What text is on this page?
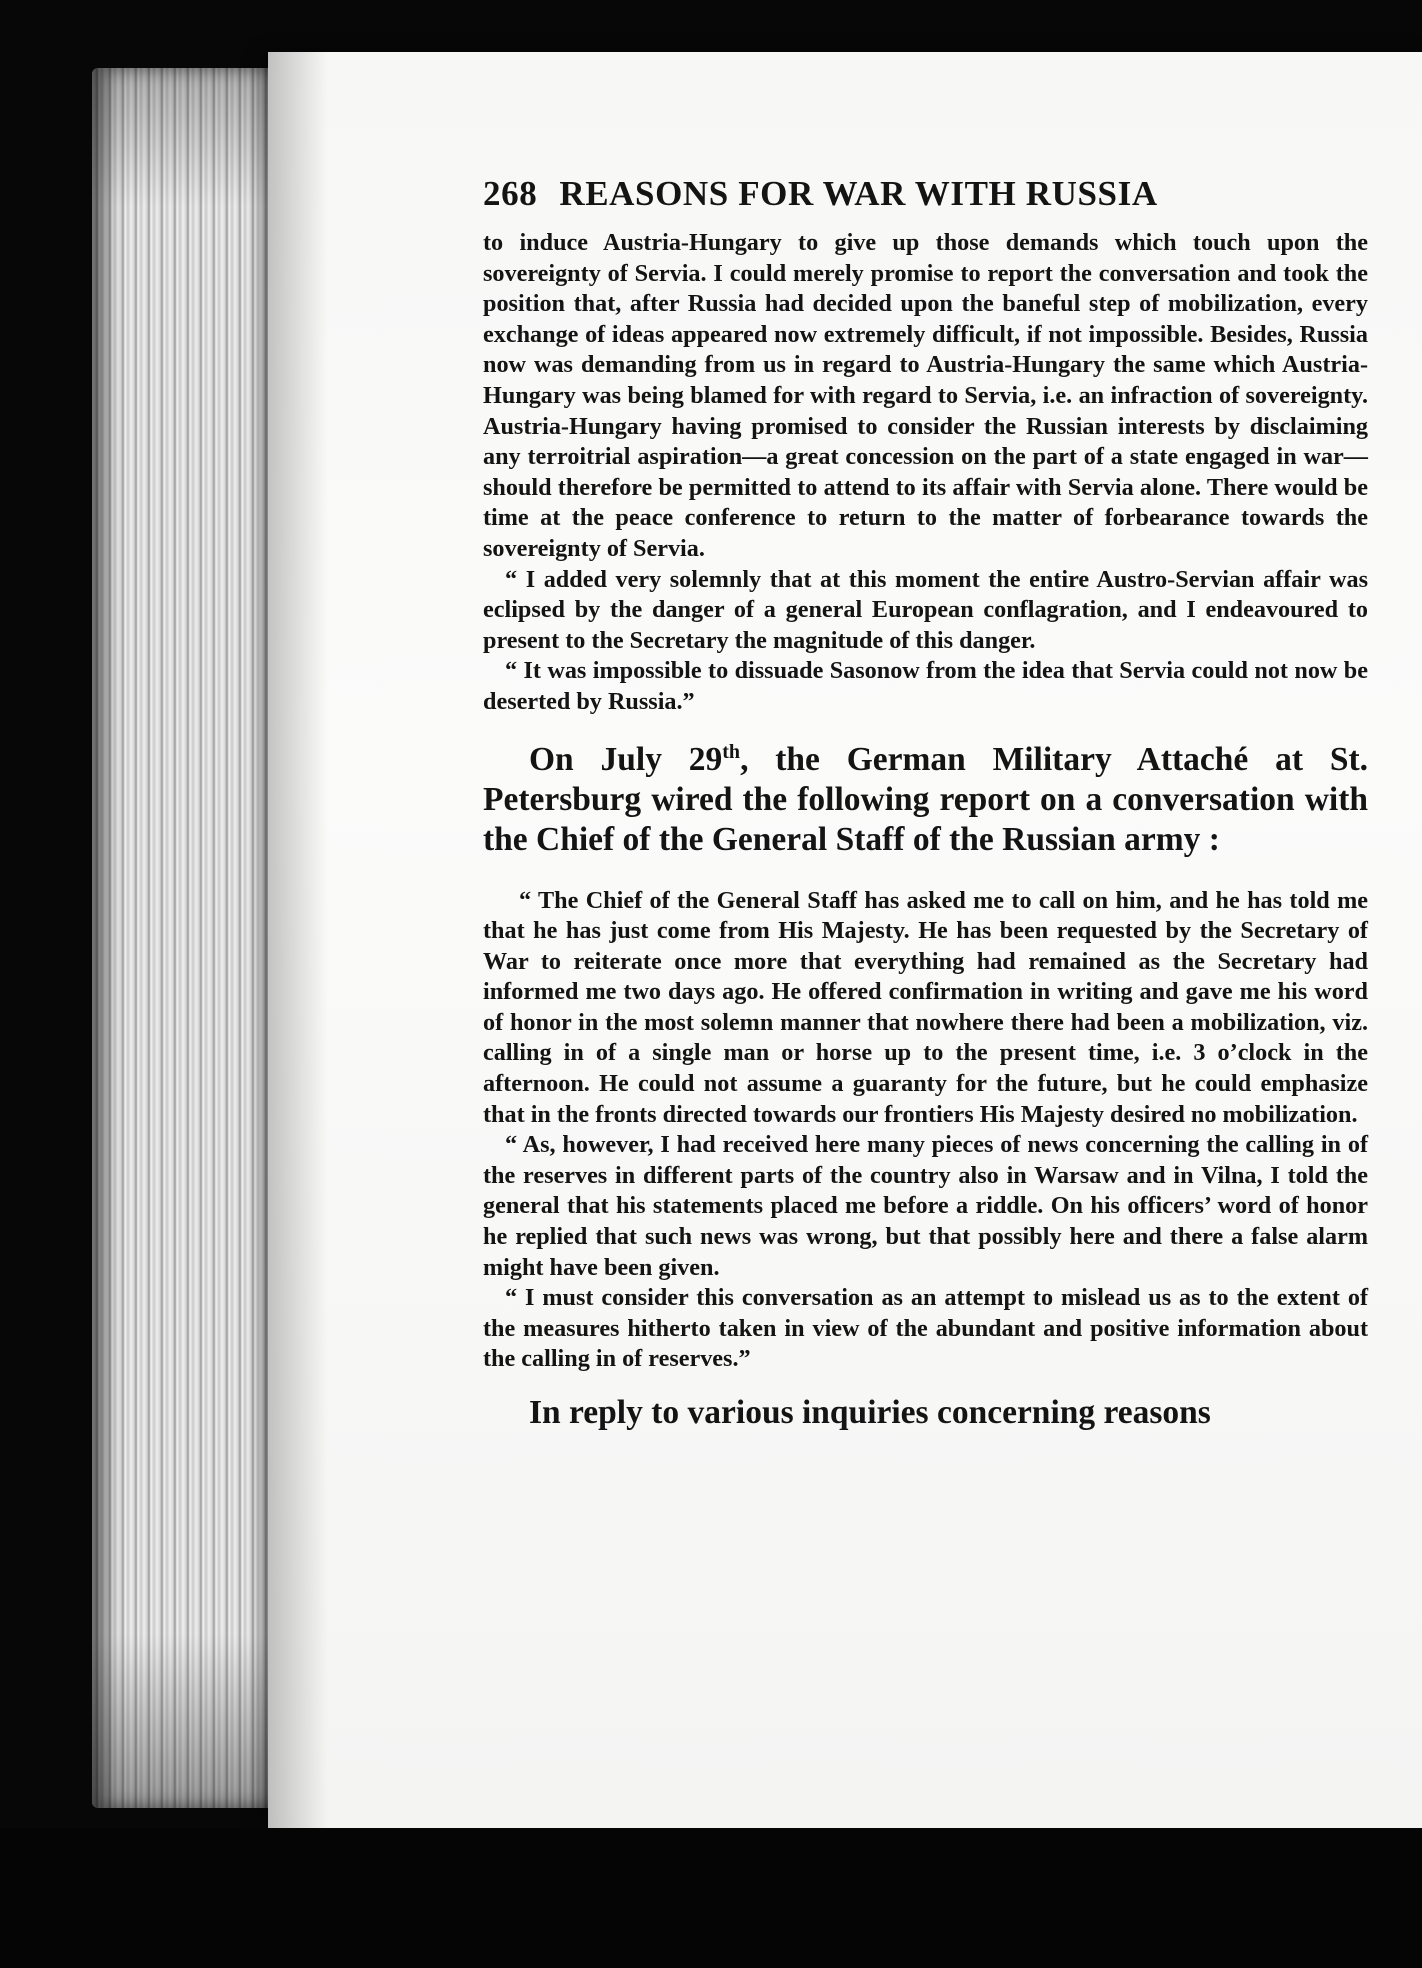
268 REASONS FOR WAR WITH RUSSIA

to induce Austria-Hungary to give up those demands which touch upon the sovereignty of Servia. I could merely promise to report the conversation and took the position that, after Russia had decided upon the baneful step of mobilization, every exchange of ideas appeared now extremely difficult, if not impossible. Besides, Russia now was demanding from us in regard to Austria-Hungary the same which Austria-Hungary was being blamed for with regard to Servia, i.e. an infraction of sovereignty. Austria-Hungary having promised to consider the Russian interests by disclaiming any terroitrial aspiration—a great concession on the part of a state engaged in war—should therefore be permitted to attend to its affair with Servia alone. There would be time at the peace conference to return to the matter of forbearance towards the sovereignty of Servia.

“ I added very solemnly that at this moment the entire Austro-Servian affair was eclipsed by the danger of a general European conflagration, and I endeavoured to present to the Secretary the magnitude of this danger.

“ It was impossible to dissuade Sasonow from the idea that Servia could not now be deserted by Russia.”

On July 29th, the German Military Attaché at St. Petersburg wired the following report on a conversation with the Chief of the General Staff of the Russian army :

“ The Chief of the General Staff has asked me to call on him, and he has told me that he has just come from His Majesty. He has been requested by the Secretary of War to reiterate once more that everything had remained as the Secretary had informed me two days ago. He offered confirmation in writing and gave me his word of honor in the most solemn manner that nowhere there had been a mobilization, viz. calling in of a single man or horse up to the present time, i.e. 3 o’clock in the afternoon. He could not assume a guaranty for the future, but he could emphasize that in the fronts directed towards our frontiers His Majesty desired no mobilization.

“ As, however, I had received here many pieces of news concerning the calling in of the reserves in different parts of the country also in Warsaw and in Vilna, I told the general that his statements placed me before a riddle. On his officers’ word of honor he replied that such news was wrong, but that possibly here and there a false alarm might have been given.

“ I must consider this conversation as an attempt to mislead us as to the extent of the measures hitherto taken in view of the abundant and positive information about the calling in of reserves.”

In reply to various inquiries concerning reasons
